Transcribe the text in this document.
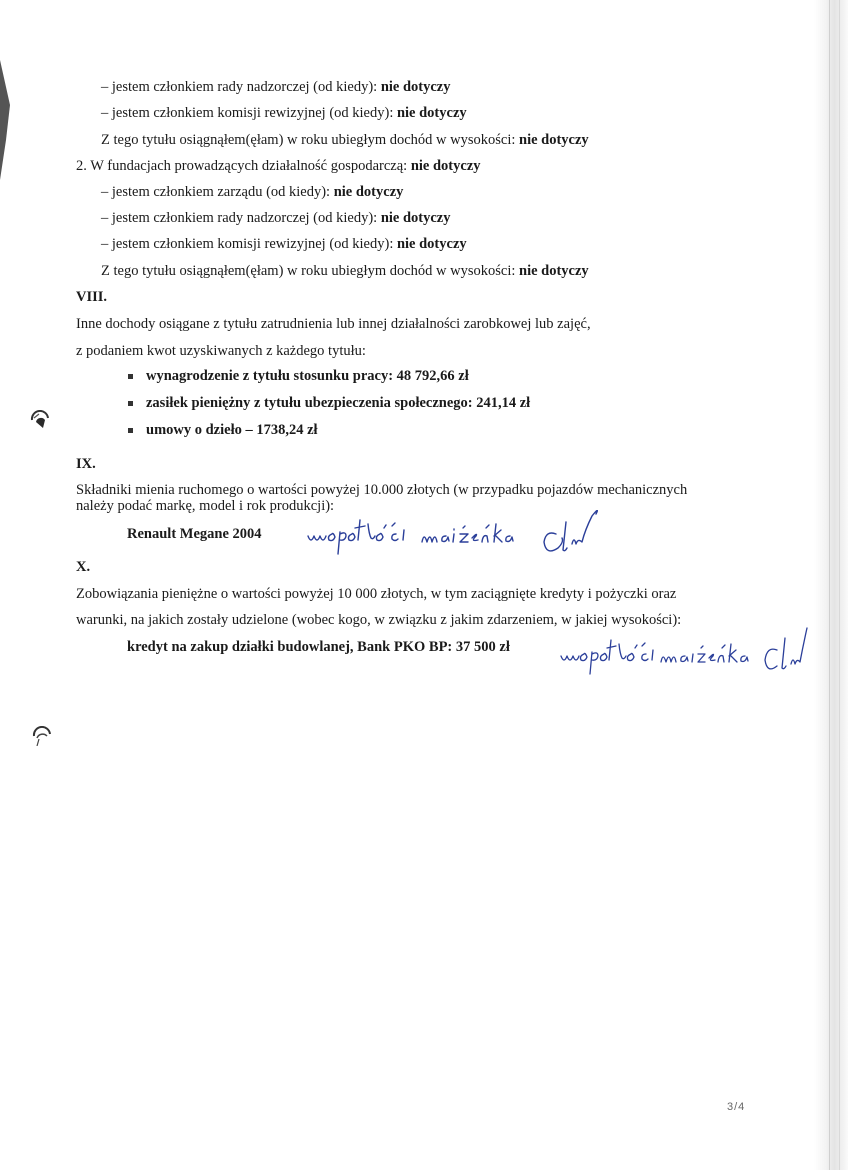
– jestem członkiem rady nadzorczej (od kiedy): nie dotyczy
– jestem członkiem komisji rewizyjnej (od kiedy): nie dotyczy
Z tego tytułu osiągnąłem(ęłam) w roku ubiegłym dochód w wysokości: nie dotyczy
2. W fundacjach prowadzących działalność gospodarczą: nie dotyczy
– jestem członkiem zarządu (od kiedy): nie dotyczy
– jestem członkiem rady nadzorczej (od kiedy): nie dotyczy
– jestem członkiem komisji rewizyjnej (od kiedy): nie dotyczy
Z tego tytułu osiągnąłem(ęłam) w roku ubiegłym dochód w wysokości: nie dotyczy
VIII.
Inne dochody osiągane z tytułu zatrudnienia lub innej działalności zarobkowej lub zajęć,
z podaniem kwot uzyskiwanych z każdego tytułu:
wynagrodzenie z tytułu stosunku pracy: 48 792,66 zł
zasiłek pieniężny z tytułu ubezpieczenia społecznego: 241,14 zł
umowy o dzieło – 1738,24 zł
IX.
Składniki mienia ruchomego o wartości powyżej 10.000 złotych (w przypadku pojazdów mechanicznych
należy podać markę, model i rok produkcji):
Renault Megane 2004
X.
Zobowiązania pieniężne o wartości powyżej 10 000 złotych, w tym zaciągnięte kredyty i pożyczki oraz
warunki, na jakich zostały udzielone (wobec kogo, w związku z jakim zdarzeniem, w jakiej wysokości):
kredyt na zakup działki budowlanej, Bank PKO BP: 37 500 zł
3/4
